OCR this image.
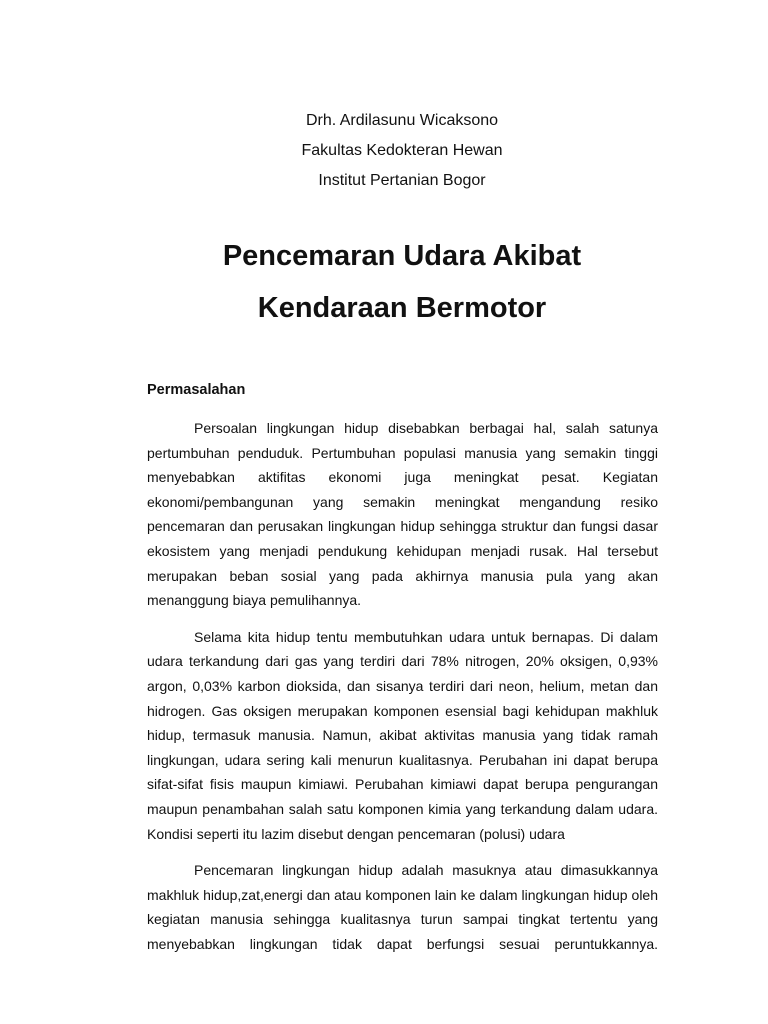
Drh. Ardilasunu Wicaksono
Fakultas Kedokteran Hewan
Institut Pertanian Bogor
Pencemaran Udara Akibat
Kendaraan Bermotor
Permasalahan

Persoalan lingkungan hidup disebabkan berbagai hal, salah satunya pertumbuhan penduduk. Pertumbuhan populasi manusia yang semakin tinggi menyebabkan aktifitas ekonomi juga meningkat pesat. Kegiatan ekonomi/pembangunan yang semakin meningkat mengandung resiko pencemaran dan perusakan lingkungan hidup sehingga struktur dan fungsi dasar ekosistem yang menjadi pendukung kehidupan menjadi rusak. Hal tersebut merupakan beban sosial yang pada akhirnya manusia pula yang akan menanggung biaya pemulihannya.

Selama kita hidup tentu membutuhkan udara untuk bernapas. Di dalam udara terkandung dari gas yang terdiri dari 78% nitrogen, 20% oksigen, 0,93% argon, 0,03% karbon dioksida, dan sisanya terdiri dari neon, helium, metan dan hidrogen. Gas oksigen merupakan komponen esensial bagi kehidupan makhluk hidup, termasuk manusia. Namun, akibat aktivitas manusia yang tidak ramah lingkungan, udara sering kali menurun kualitasnya. Perubahan ini dapat berupa sifat-sifat fisis maupun kimiawi. Perubahan kimiawi dapat berupa pengurangan maupun penambahan salah satu komponen kimia yang terkandung dalam udara. Kondisi seperti itu lazim disebut dengan pencemaran (polusi) udara

Pencemaran lingkungan hidup adalah masuknya atau dimasukkannya makhluk hidup,zat,energi dan atau komponen lain ke dalam lingkungan hidup oleh kegiatan manusia sehingga kualitasnya turun sampai tingkat tertentu yang menyebabkan lingkungan tidak dapat berfungsi sesuai peruntukkannya.
